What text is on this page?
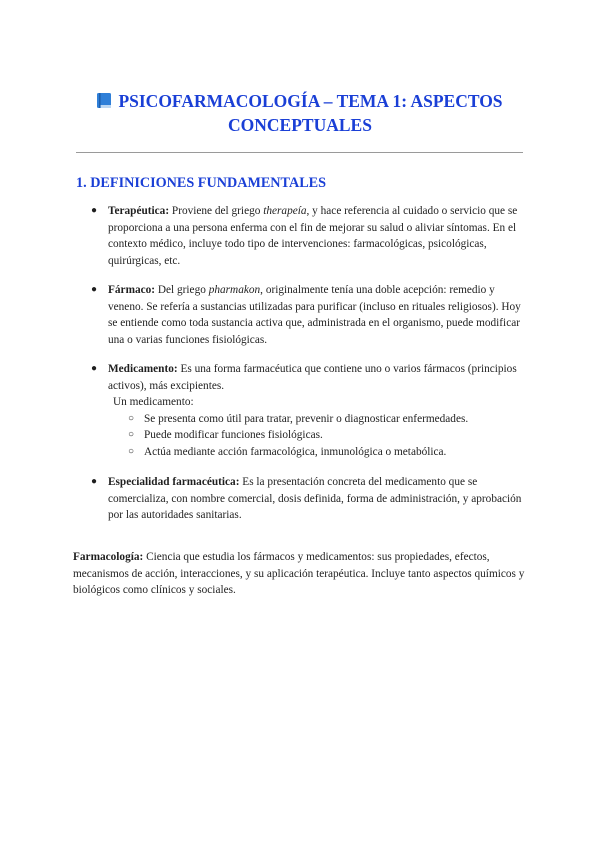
PSICOFARMACOLOGÍA – TEMA 1: ASPECTOS
CONCEPTUALES
1. DEFINICIONES FUNDAMENTALES
● Terapéutica: Proviene del griego therapeía, y hace referencia al cuidado o servicio que se proporciona a una persona enferma con el fin de mejorar su salud o aliviar síntomas. En el contexto médico, incluye todo tipo de intervenciones: farmacológicas, psicológicas, quirúrgicas, etc.
● Fármaco: Del griego pharmakon, originalmente tenía una doble acepción: remedio y veneno. Se refería a sustancias utilizadas para purificar (incluso en rituales religiosos). Hoy se entiende como toda sustancia activa que, administrada en el organismo, puede modificar una o varias funciones fisiológicas.
● Medicamento: Es una forma farmacéutica que contiene uno o varios fármacos (principios activos), más excipientes.
Un medicamento:
○ Se presenta como útil para tratar, prevenir o diagnosticar enfermedades.
○ Puede modificar funciones fisiológicas.
○ Actúa mediante acción farmacológica, inmunológica o metabólica.
● Especialidad farmacéutica: Es la presentación concreta del medicamento que se comercializa, con nombre comercial, dosis definida, forma de administración, y aprobación por las autoridades sanitarias.
Farmacología: Ciencia que estudia los fármacos y medicamentos: sus propiedades, efectos, mecanismos de acción, interacciones, y su aplicación terapéutica. Incluye tanto aspectos químicos y biológicos como clínicos y sociales.
